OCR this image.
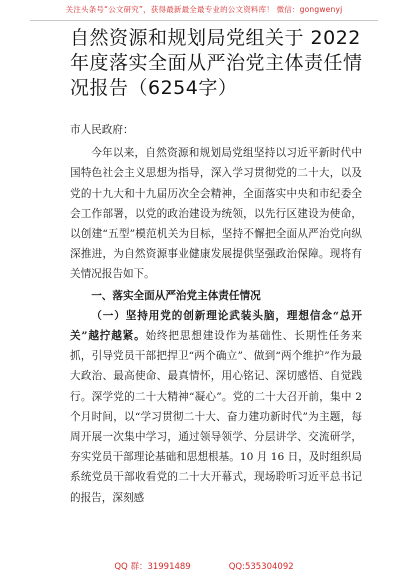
关注头条号“公文研究”，获得最新最全最专业的公文资料库！ 微信：gongwenyj
自然资源和规划局党组关于 2022 年度落实全面从严治党主体责任情况报告（6254字）

市人民政府：

今年以来，自然资源和规划局党组坚持以习近平新时代中国特色社会主义思想为指导，深入学习贯彻党的二十大，以及党的十九大和十九届历次全会精神，全面落实中央和市纪委全会工作部署，以党的政治建设为统领，以先行区建设为使命，以创建“五型”模范机关为目标，坚持不懈把全面从严治党向纵深推进，为自然资源事业健康发展提供坚强政治保障。现将有关情况报告如下。

一、落实全面从严治党主体责任情况

（一）坚持用党的创新理论武装头脑，理想信念“总开关”越拧越紧。始终把思想建设作为基础性、长期性任务来抓，引导党员干部把捍卫“两个确立”、做到“两个维护”作为最大政治、最高使命、最真情怀，用心铭记、深切感悟、自觉践行。深学党的二十大精神“凝心”。党的二十大召开前，集中 2 个月时间，以“学习贯彻二十大、奋力建功新时代”为主题，每周开展一次集中学习，通过领导领学、分层讲学、交流研学，夯实党员干部理论基础和思想根基。10 月 16 日，及时组织局系统党员干部收看党的二十大开幕式，现场聆听习近平总书记的报告，深刻感

QQ 群：31991489	QQ:535304092
